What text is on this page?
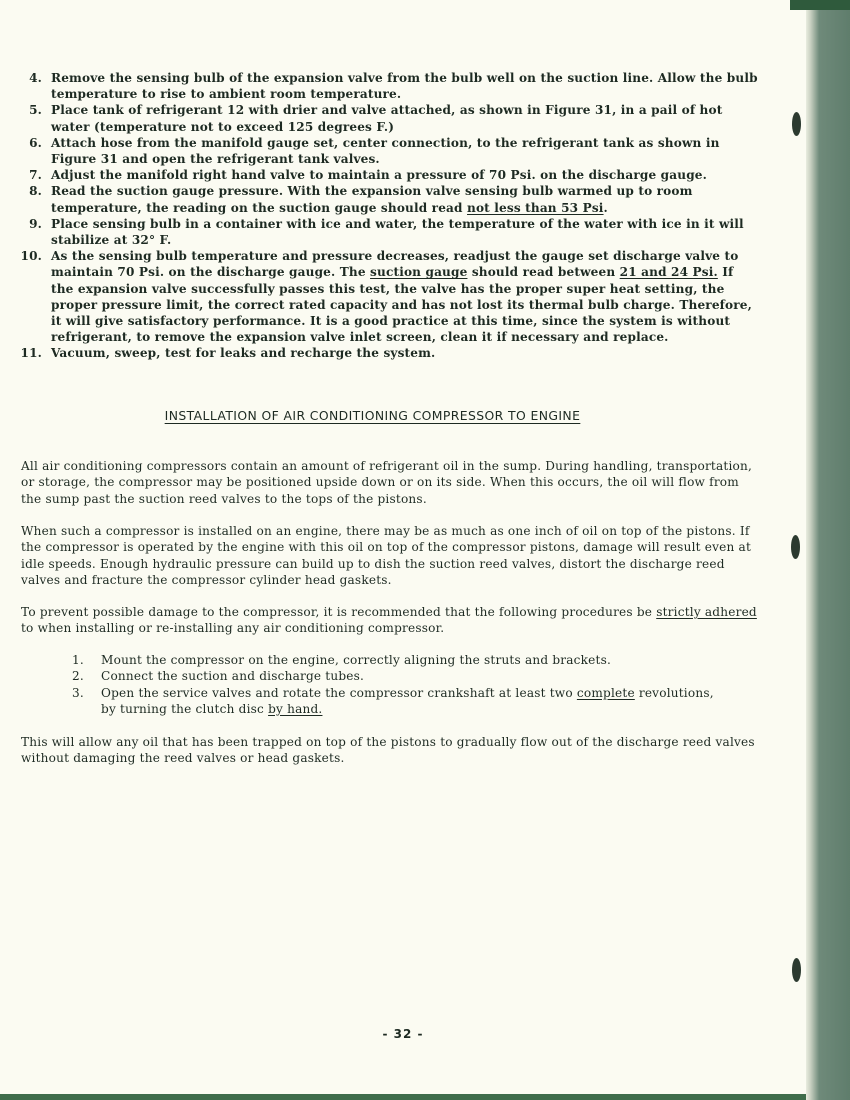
4. Remove the sensing bulb of the expansion valve from the bulb well on the suction line. Allow the bulb temperature to rise to ambient room temperature.
5. Place tank of refrigerant 12 with drier and valve attached, as shown in Figure 31, in a pail of hot water (temperature not to exceed 125 degrees F.)
6. Attach hose from the manifold gauge set, center connection, to the refrigerant tank as shown in Figure 31 and open the refrigerant tank valves.
7. Adjust the manifold right hand valve to maintain a pressure of 70 Psi. on the discharge gauge.
8. Read the suction gauge pressure. With the expansion valve sensing bulb warmed up to room temperature, the reading on the suction gauge should read not less than 53 Psi.
9. Place sensing bulb in a container with ice and water, the temperature of the water with ice in it will stabilize at 32° F.
10. As the sensing bulb temperature and pressure decreases, readjust the gauge set discharge valve to maintain 70 Psi. on the discharge gauge. The suction gauge should read between 21 and 24 Psi. If the expansion valve successfully passes this test, the valve has the proper super heat setting, the proper pressure limit, the correct rated capacity and has not lost its thermal bulb charge. Therefore, it will give satisfactory performance. It is a good practice at this time, since the system is without refrigerant, to remove the expansion valve inlet screen, clean it if necessary and replace.
11. Vacuum, sweep, test for leaks and recharge the system.
INSTALLATION OF AIR CONDITIONING COMPRESSOR TO ENGINE

All air conditioning compressors contain an amount of refrigerant oil in the sump. During handling, transportation, or storage, the compressor may be positioned upside down or on its side. When this occurs, the oil will flow from the sump past the suction reed valves to the tops of the pistons.

When such a compressor is installed on an engine, there may be as much as one inch of oil on top of the pistons. If the compressor is operated by the engine with this oil on top of the compressor pistons, damage will result even at idle speeds. Enough hydraulic pressure can build up to dish the suction reed valves, distort the discharge reed valves and fracture the compressor cylinder head gaskets.

To prevent possible damage to the compressor, it is recommended that the following procedures be strictly adhered to when installing or re-installing any air conditioning compressor.

1. Mount the compressor on the engine, correctly aligning the struts and brackets.
2. Connect the suction and discharge tubes.
3. Open the service valves and rotate the compressor crankshaft at least two complete revolutions, by turning the clutch disc by hand.

This will allow any oil that has been trapped on top of the pistons to gradually flow out of the discharge reed valves without damaging the reed valves or head gaskets.

- 32 -
